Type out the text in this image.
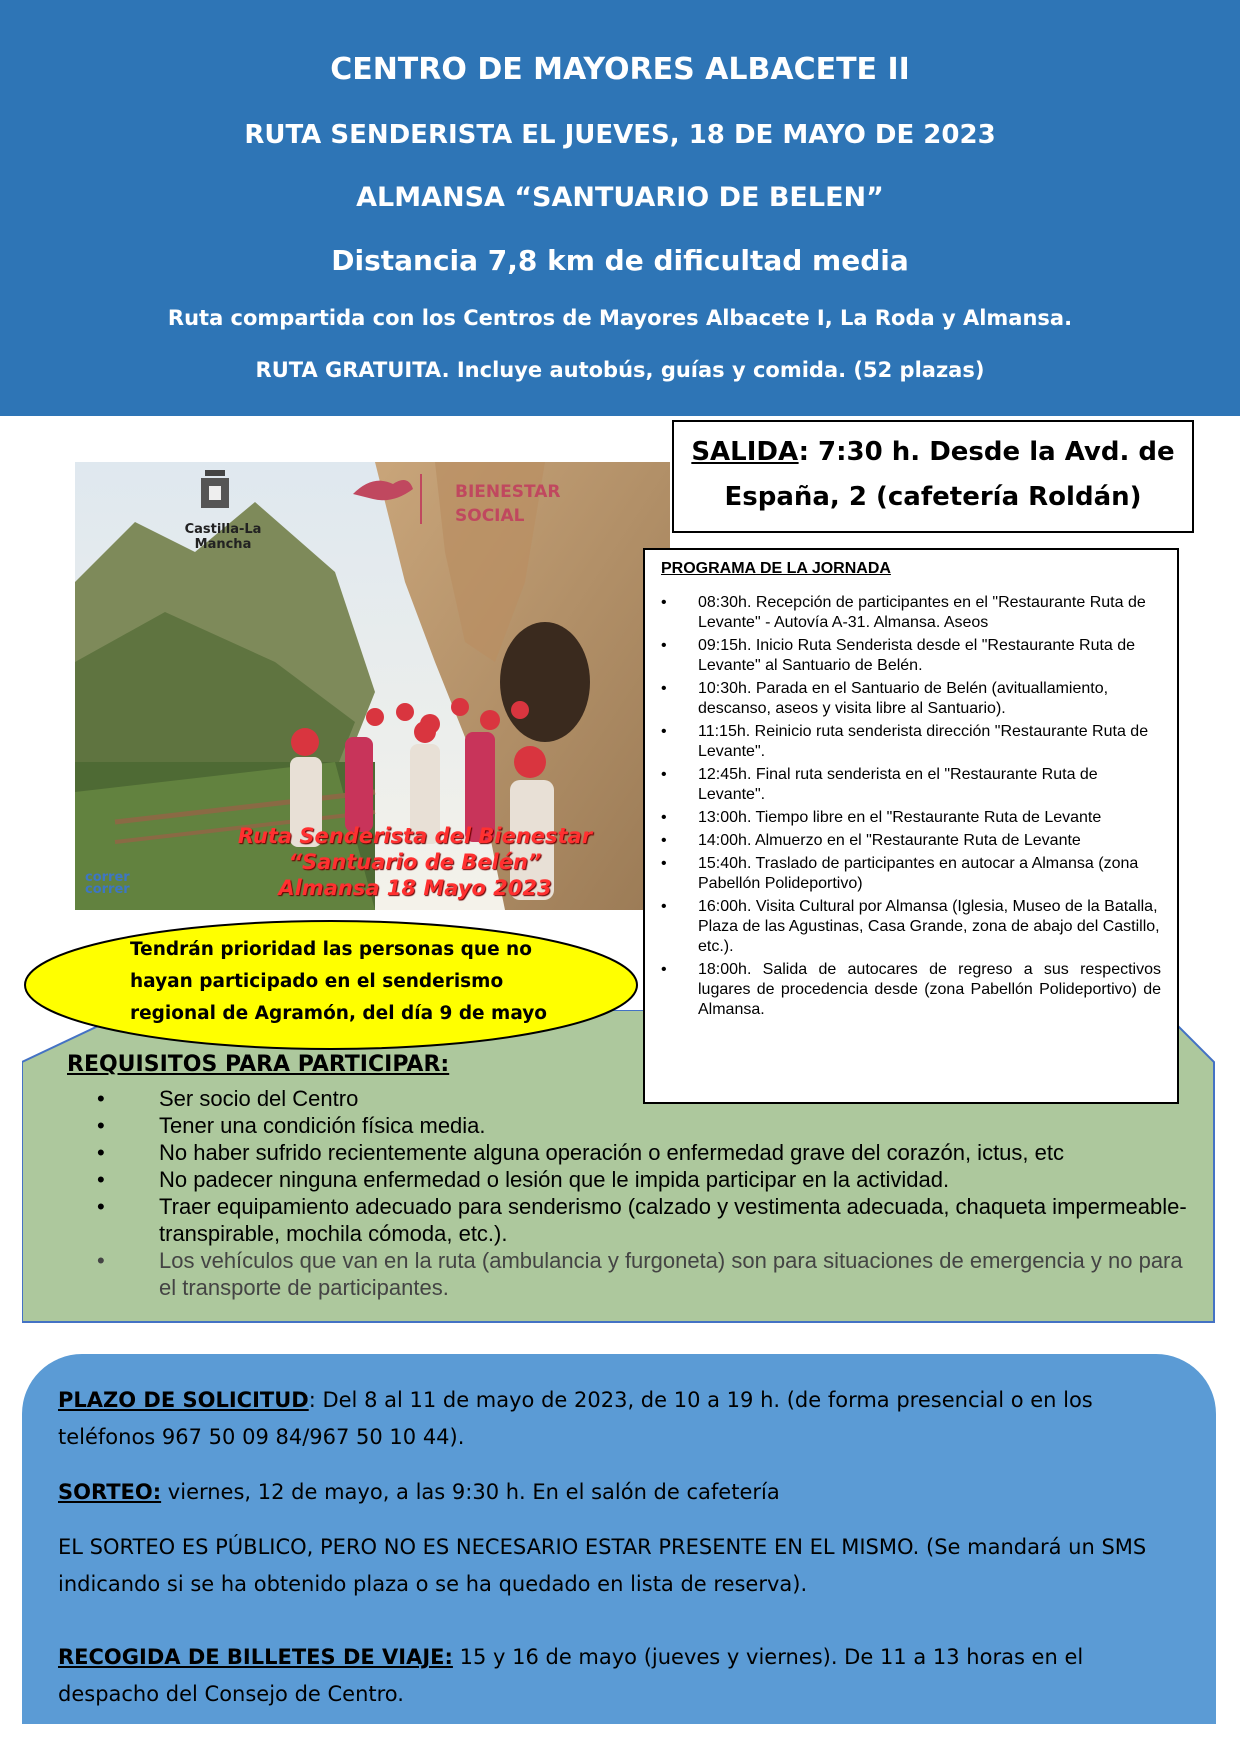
CENTRO DE MAYORES ALBACETE II
RUTA SENDERISTA EL JUEVES, 18 DE MAYO DE 2023
ALMANSA “SANTUARIO DE BELEN”
Distancia 7,8 km de dificultad media
Ruta compartida con los Centros de Mayores Albacete I, La Roda y Almansa.
RUTA GRATUITA. Incluye autobús, guías y comida. (52 plazas)
Castilla-La Mancha
BIENESTAR
SOCIAL
Ruta Senderista del Bienestar
“Santuario de Belén”
Almansa 18 Mayo 2023
correr
correr
SALIDA: 7:30 h. Desde la Avd. de
España, 2 (cafetería Roldán)
REQUISITOS PARA PARTICIPAR:
• Ser socio del Centro
• Tener una condición física media.
• No haber sufrido recientemente alguna operación o enfermedad grave del corazón, ictus, etc
• No padecer ninguna enfermedad o lesión que le impida participar en la actividad.
• Traer equipamiento adecuado para senderismo (calzado y vestimenta adecuada, chaqueta impermeable-transpirable, mochila cómoda, etc.).
• Los vehículos que van en la ruta (ambulancia y furgoneta) son para situaciones de emergencia y no para el transporte de participantes.
PROGRAMA DE LA JORNADA
• 08:30h. Recepción de participantes en el "Restaurante Ruta de Levante" - Autovía A-31. Almansa. Aseos
• 09:15h. Inicio Ruta Senderista desde el "Restaurante Ruta de Levante" al Santuario de Belén.
• 10:30h. Parada en el Santuario de Belén (avituallamiento, descanso, aseos y visita libre al Santuario).
• 11:15h. Reinicio ruta senderista dirección "Restaurante Ruta de Levante".
• 12:45h. Final ruta senderista en el "Restaurante Ruta de Levante".
• 13:00h. Tiempo libre en el "Restaurante Ruta de Levante
• 14:00h. Almuerzo en el "Restaurante Ruta de Levante
• 15:40h. Traslado de participantes en autocar a Almansa (zona Pabellón Polideportivo)
• 16:00h. Visita Cultural por Almansa (Iglesia, Museo de la Batalla, Plaza de las Agustinas, Casa Grande, zona de abajo del Castillo, etc.).
• 18:00h. Salida de autocares de regreso a sus respectivos lugares de procedencia desde (zona Pabellón Polideportivo) de Almansa.
Tendrán prioridad las personas que no hayan participado en el senderismo regional de Agramón, del día 9 de mayo

PLAZO DE SOLICITUD: Del 8 al 11 de mayo de 2023, de 10 a 19 h. (de forma presencial o en los teléfonos 967 50 09 84/967 50 10 44).

SORTEO: viernes, 12 de mayo, a las 9:30 h. En el salón de cafetería

EL SORTEO ES PÚBLICO, PERO NO ES NECESARIO ESTAR PRESENTE EN EL MISMO. (Se mandará un SMS indicando si se ha obtenido plaza o se ha quedado en lista de reserva).

RECOGIDA DE BILLETES DE VIAJE: 15 y 16 de mayo (jueves y viernes). De 11 a 13 horas en el despacho del Consejo de Centro.
